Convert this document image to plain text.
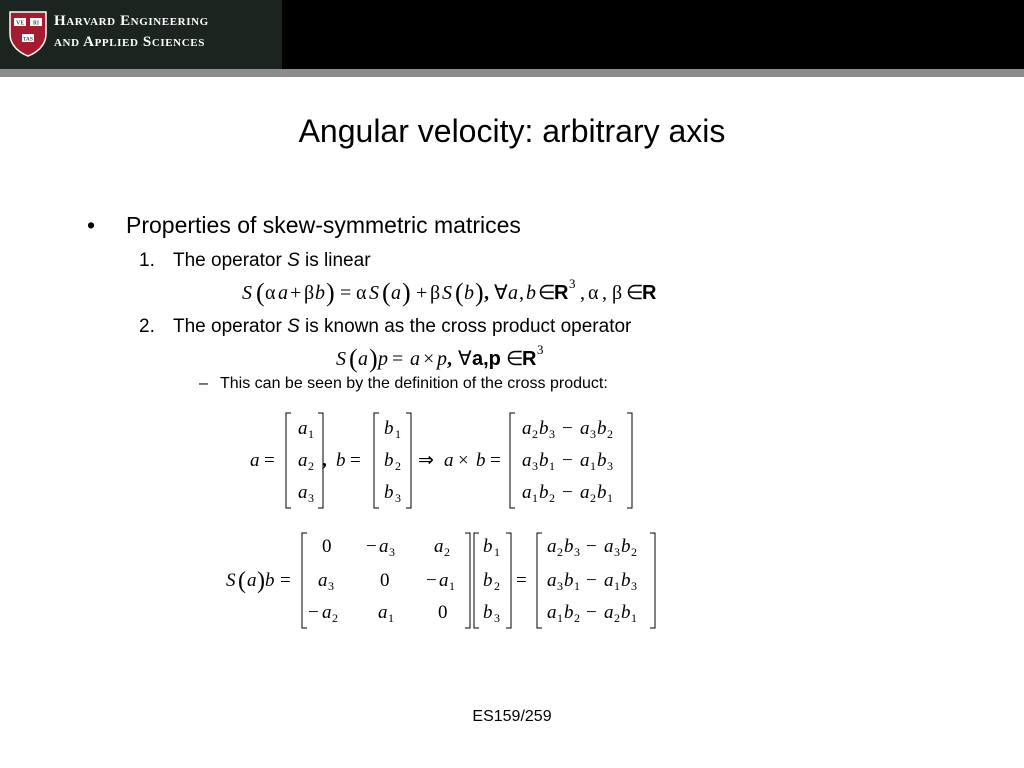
VE RI
TAS
Harvard Engineering
and Applied Sciences
Angular velocity: arbitrary axis
• Properties of skew-symmetric matrices
1. The operator S is linear
S ( α a + β b ) = α S ( a ) + β S ( b ) , ∀ a , b ∈
R 3 , α , β ∈
R
2. The operator S is known as the cross product operator
S ( a ) p = a × p , ∀ a,p ∈
R 3
– This can be seen by the definition of the cross product:
a =
a 1
a 2
a 3
, b =
b 1
b 2
b 3
⇒ a × b =
a 2 b 3 − a 3 b 2
a 3 b 1 − a 1 b 3
a 1 b 2 − a 2 b 1
S ( a ) b =
0 − a 3 a 2
a 3 0 − a 1
− a 2 a 1 0
b 1
b 2
b 3
=
a 2 b 3 − a 3 b 2
a 3 b 1 − a 1 b 3
a 1 b 2 − a 2 b 1
ES159/259
